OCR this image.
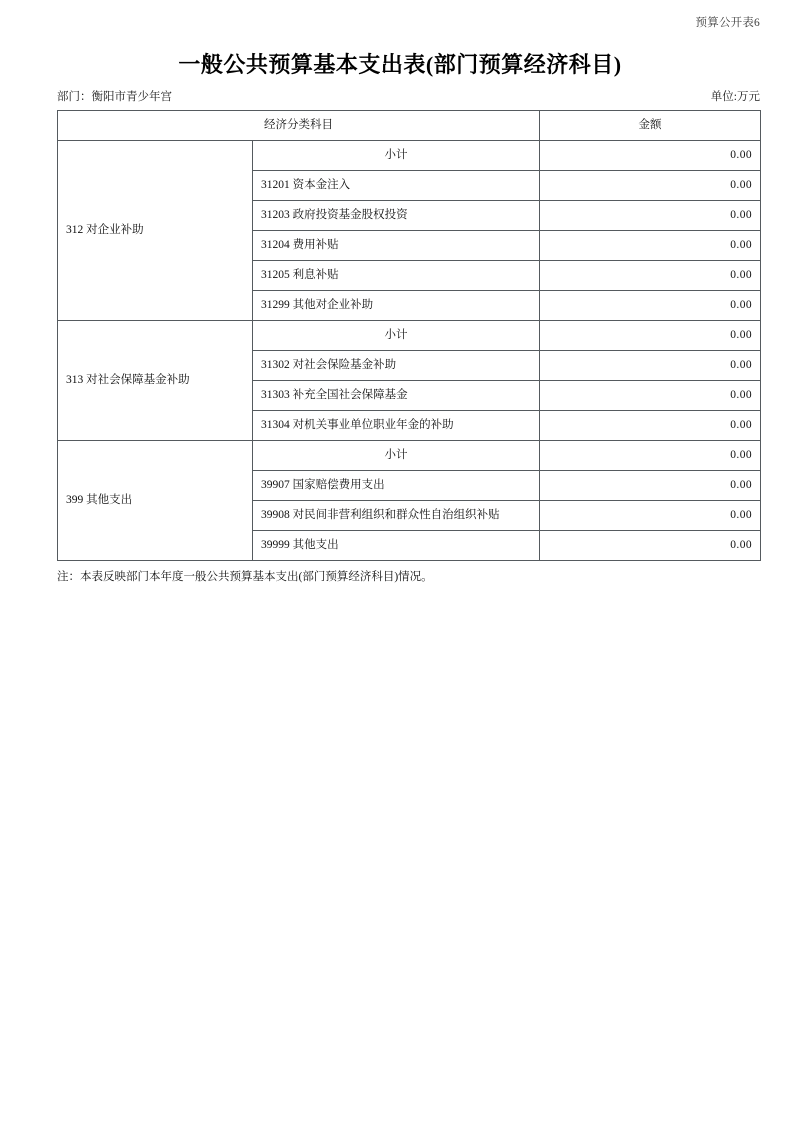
预算公开表6
一般公共预算基本支出表(部门预算经济科目)
部门：衡阳市青少年宫	单位:万元
经济分类科目		金额
312 对企业补助	小计	0.00
	31201 资本金注入	0.00
	31203 政府投资基金股权投资	0.00
	31204 费用补贴	0.00
	31205 利息补贴	0.00
	31299 其他对企业补助	0.00
313 对社会保障基金补助	小计	0.00
	31302 对社会保险基金补助	0.00
	31303 补充全国社会保障基金	0.00
	31304 对机关事业单位职业年金的补助	0.00
399 其他支出	小计	0.00
	39907 国家赔偿费用支出	0.00
	39908 对民间非营利组织和群众性自治组织补贴	0.00
	39999 其他支出	0.00
注：本表反映部门本年度一般公共预算基本支出(部门预算经济科目)情况。
